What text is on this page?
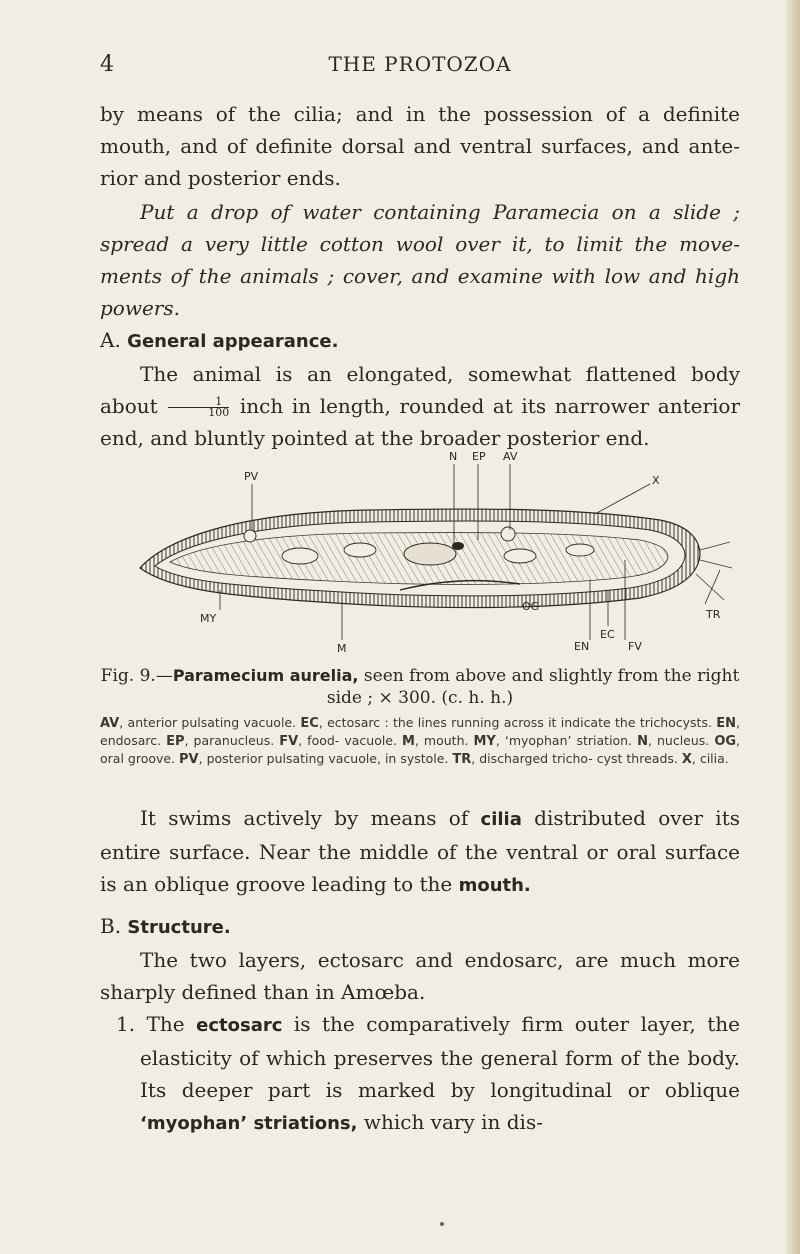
4	THE PROTOZOA

by means of the cilia; and in the possession of a definite mouth, and of definite dorsal and ventral surfaces, and ante- rior and posterior ends.

Put a drop of water containing Paramecia on a slide ; spread a very little cotton wool over it, to limit the move- ments of the animals ; cover, and examine with low and high powers.

A. General appearance.

The animal is an elongated, somewhat flattened body about $\frac{1}{100}$ inch in length, rounded at its narrower anterior end, and bluntly pointed at the broader posterior end.

N EP AV
PV	X
MY
M
OG
EN
EC
FV
TR
Fig. 9.—Paramecium aurelia, seen from above and slightly from the right side ; × 300. (c. h. h.)
AV, anterior pulsating vacuole. EC, ectosarc : the lines running across it indicate the trichocysts. EN, endosarc. EP, paranucleus. FV, food- vacuole. M, mouth. MY, ‘myophan’ striation. N, nucleus. OG, oral groove. PV, posterior pulsating vacuole, in systole. TR, discharged tricho- cyst threads. X, cilia.

It swims actively by means of cilia distributed over its entire surface. Near the middle of the ventral or oral surface is an oblique groove leading to the mouth.

B. Structure.

The two layers, ectosarc and endosarc, are much more sharply defined than in Amœba.

1. The ectosarc is the comparatively firm outer layer, the elasticity of which preserves the general form of the body. Its deeper part is marked by longitudinal or oblique ‘myophan’ striations, which vary in dis-
